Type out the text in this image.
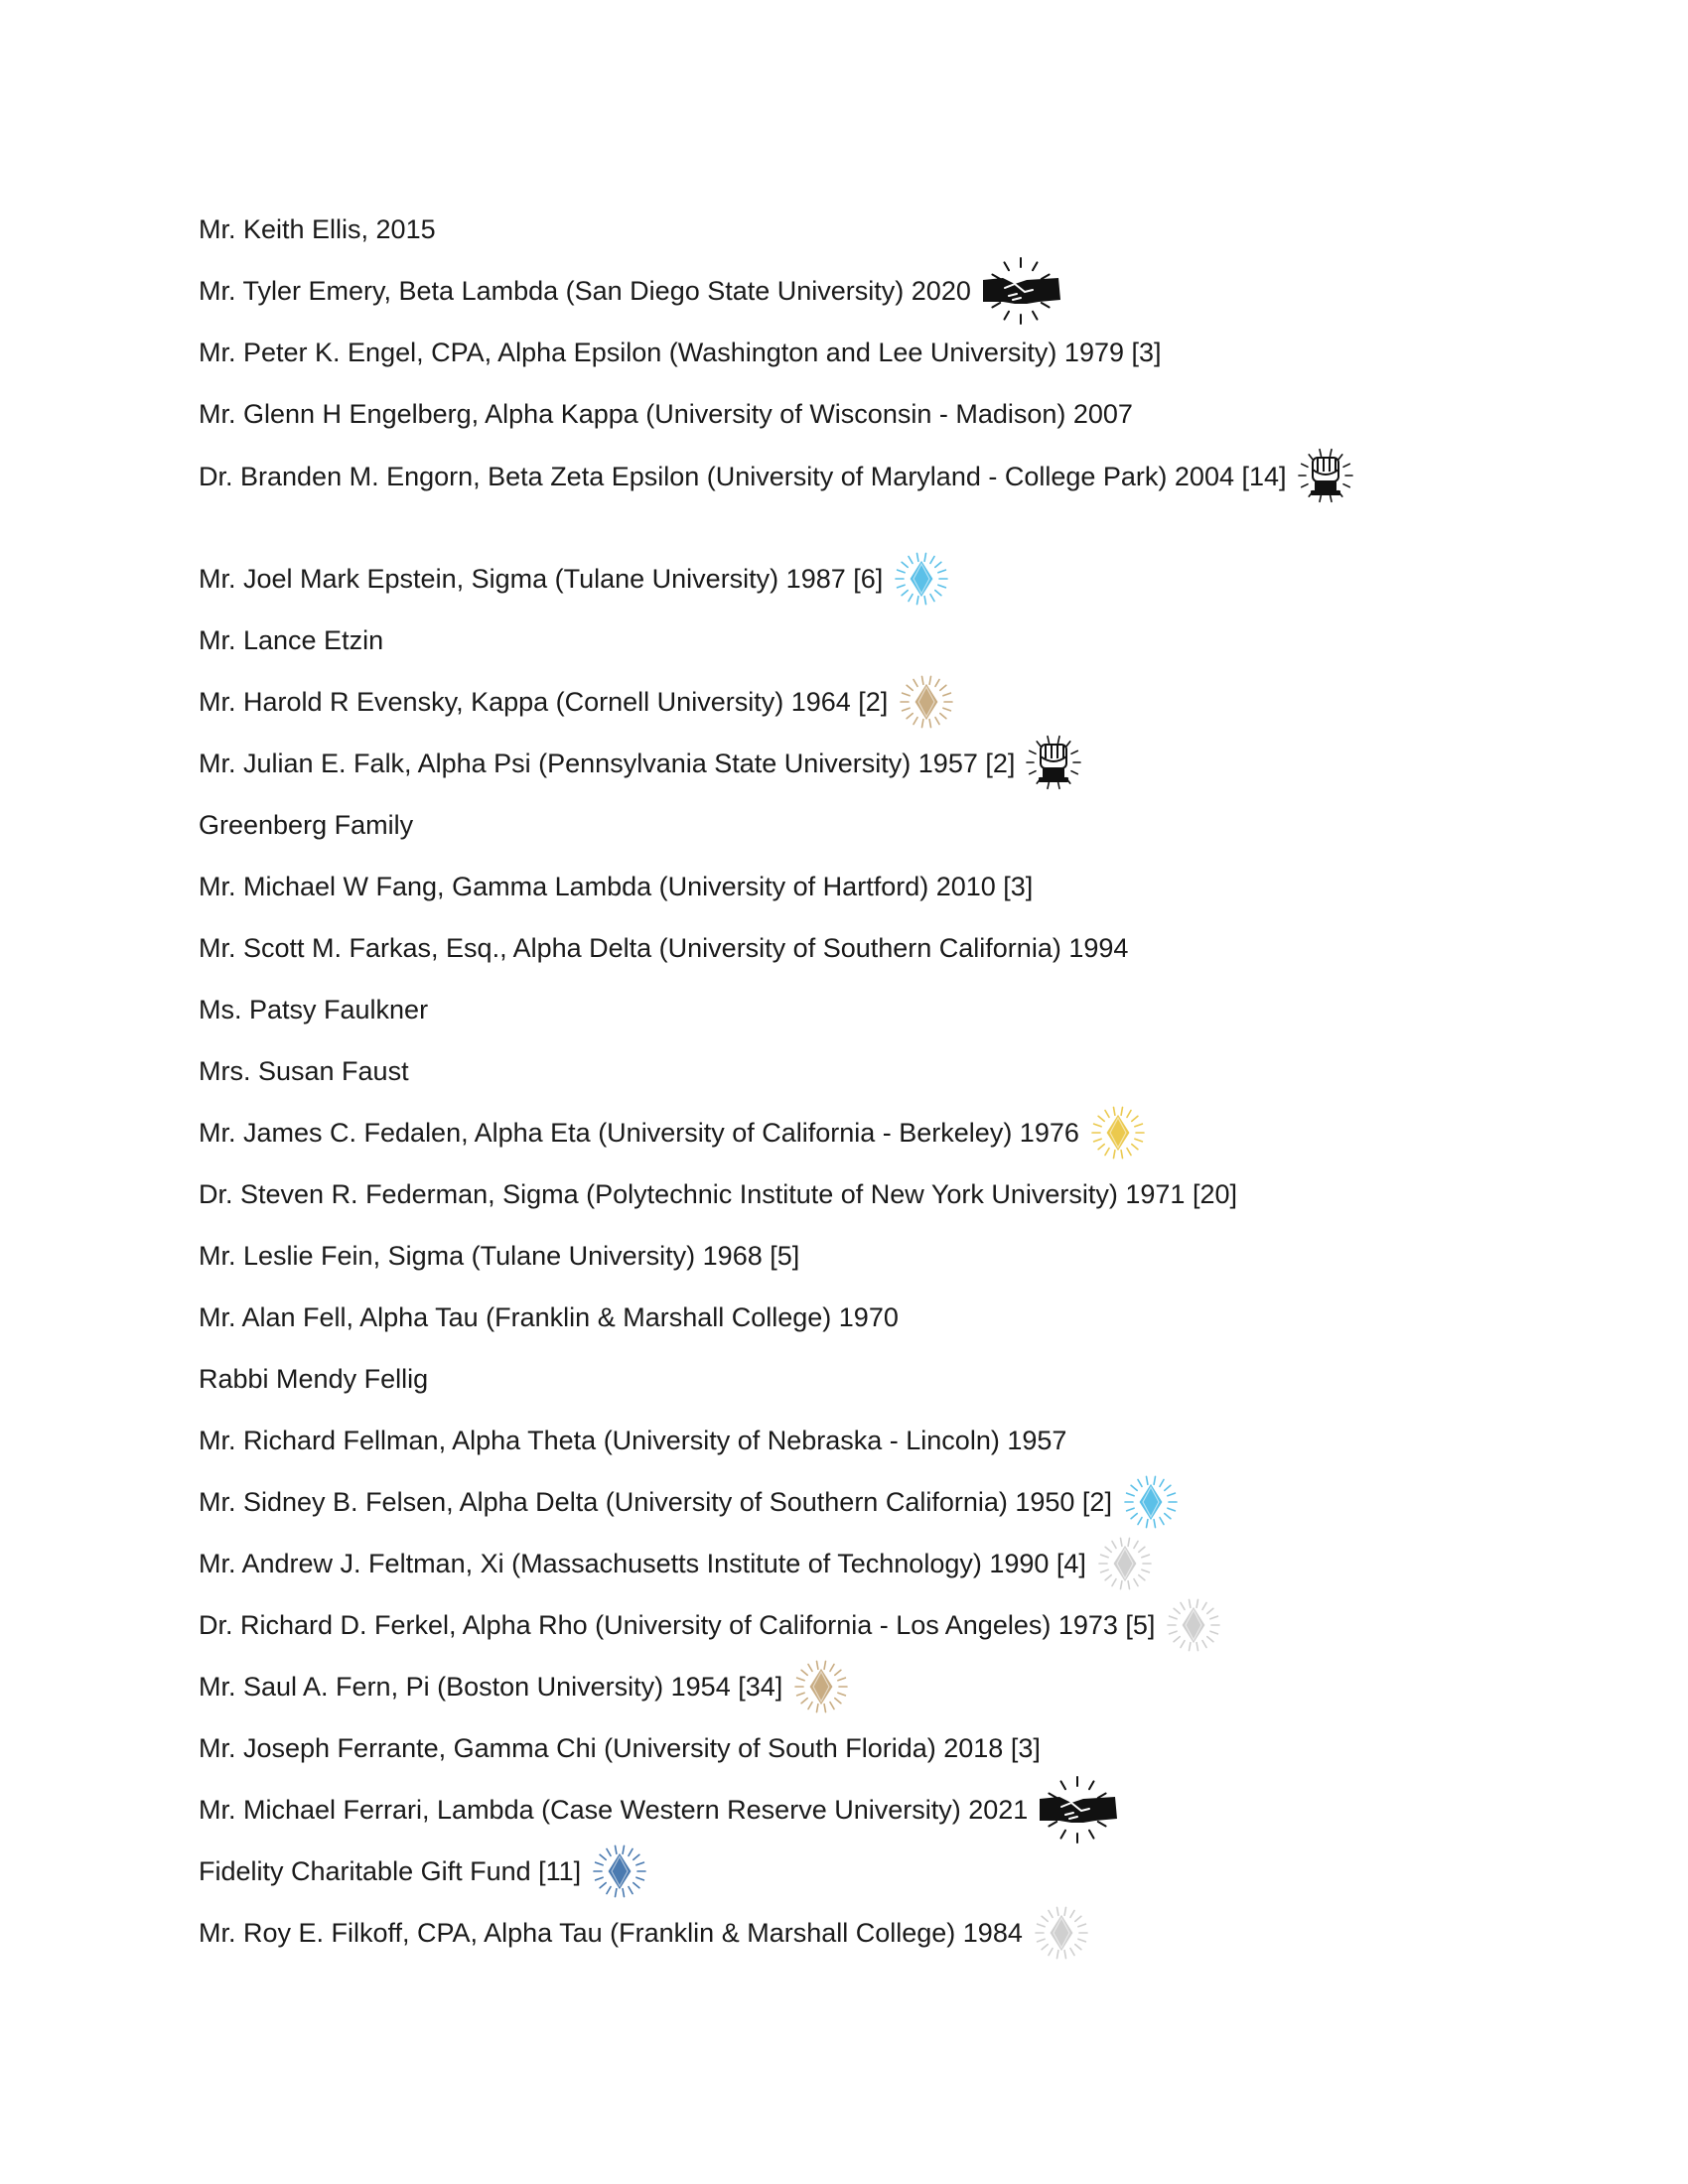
Mr. Keith Ellis, 2015
Mr. Tyler Emery, Beta Lambda (San Diego State University) 2020
Mr. Peter K. Engel, CPA, Alpha Epsilon (Washington and Lee University) 1979 [3]
Mr. Glenn H Engelberg, Alpha Kappa (University of Wisconsin - Madison) 2007
Dr. Branden M. Engorn, Beta Zeta Epsilon (University of Maryland - College Park) 2004 [14]
Mr. Joel Mark Epstein, Sigma (Tulane University) 1987 [6]
Mr. Lance Etzin
Mr. Harold R Evensky, Kappa (Cornell University) 1964 [2]
Mr. Julian E. Falk, Alpha Psi (Pennsylvania State University) 1957 [2]
Greenberg Family
Mr. Michael W Fang, Gamma Lambda (University of Hartford) 2010 [3]
Mr. Scott M. Farkas, Esq., Alpha Delta (University of Southern California) 1994
Ms. Patsy Faulkner
Mrs. Susan Faust
Mr. James C. Fedalen, Alpha Eta (University of California - Berkeley) 1976
Dr. Steven R. Federman, Sigma (Polytechnic Institute of New York University) 1971 [20]
Mr. Leslie Fein, Sigma (Tulane University) 1968 [5]
Mr. Alan Fell, Alpha Tau (Franklin & Marshall College) 1970
Rabbi Mendy Fellig
Mr. Richard Fellman, Alpha Theta (University of Nebraska - Lincoln) 1957
Mr. Sidney B. Felsen, Alpha Delta (University of Southern California) 1950 [2]
Mr. Andrew J. Feltman, Xi (Massachusetts Institute of Technology) 1990 [4]
Dr. Richard D. Ferkel, Alpha Rho (University of California - Los Angeles) 1973 [5]
Mr. Saul A. Fern, Pi (Boston University) 1954 [34]
Mr. Joseph Ferrante, Gamma Chi (University of South Florida) 2018 [3]
Mr. Michael Ferrari, Lambda (Case Western Reserve University) 2021
Fidelity Charitable Gift Fund [11]
Mr. Roy E. Filkoff, CPA, Alpha Tau (Franklin & Marshall College) 1984
